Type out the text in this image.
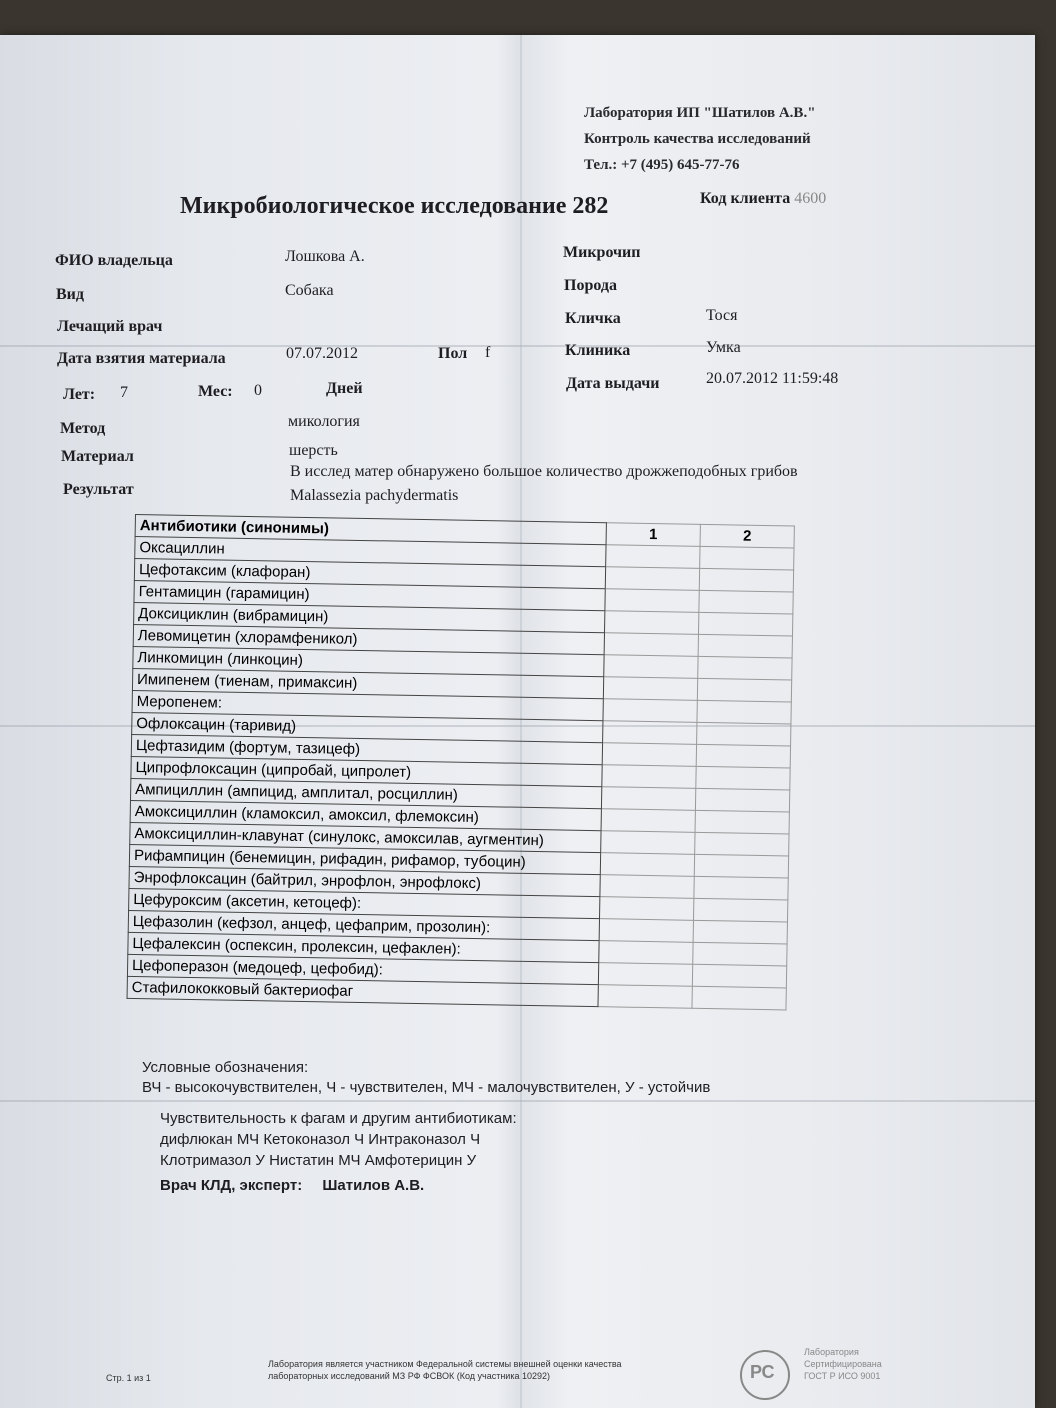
Лаборатория ИП "Шатилов А.В."
Контроль качества исследований
Тел.: +7 (495) 645-77-76
Микробиологическое исследование 282	Код клиента 4600
ФИО владельца	Лошкова А.
Вид	Собака
Лечащий врач
Дата взятия материала	07.07.2012	Пол f
Лет: 7	Мес: 0	Дней
Метод	микология
Материал	шерсть
Результат
В исслед матер обнаружено большое количество дрожжеподобных грибов
Malassezia pachydermatis
Микрочип
Порода
Кличка	Тося
Клиника	Умка
Дата выдачи	20.07.2012 11:59:48
Антибиотики (синонимы)	1	2
Оксациллин		
Цефотаксим (клафоран)		
Гентамицин (гарамицин)		
Доксициклин (вибрамицин)		
Левомицетин (хлорамфеникол)		
Линкомицин (линкоцин)		
Имипенем (тиенам, примаксин)		
Меропенем:		
Офлоксацин (таривид)		
Цефтазидим (фортум, тазицеф)		
Ципрофлоксацин (ципробай, ципролет)		
Ампициллин (ампицид, амплитал, росциллин)		
Амоксициллин (кламоксил, амоксил, флемоксин)		
Амоксициллин-клавунат (синулокс, амоксилав, аугментин)		
Рифампицин (бенемицин, рифадин, рифамор, тубоцин)		
Энрофлоксацин (байтрил, энрофлон, энрофлокс)		
Цефуроксим (аксетин, кетоцеф):		
Цефазолин (кефзол, анцеф, цефаприм, прозолин):		
Цефалексин (оспексин, пролексин, цефаклен):		
Цефоперазон (медоцеф, цефобид):		
Стафилококковый бактериофаг		
Условные обозначения:
ВЧ - высокочувствителен, Ч - чувствителен, МЧ - малочувствителен, У - устойчив
Чувствительность к фагам и другим антибиотикам:
дифлюкан МЧ Кетоконазол Ч Интраконазол Ч
Клотримазол У Нистатин МЧ Амфотерицин У
Врач КЛД, эксперт: Шатилов А.В.
Стр. 1 из 1
Лаборатория является участником Федеральной системы внешней оценки качества
лабораторных исследований МЗ РФ ФСВОК (Код участника 10292)	РС
Лаборатория
Сертифицирована
ГОСТ Р ИСО 9001
